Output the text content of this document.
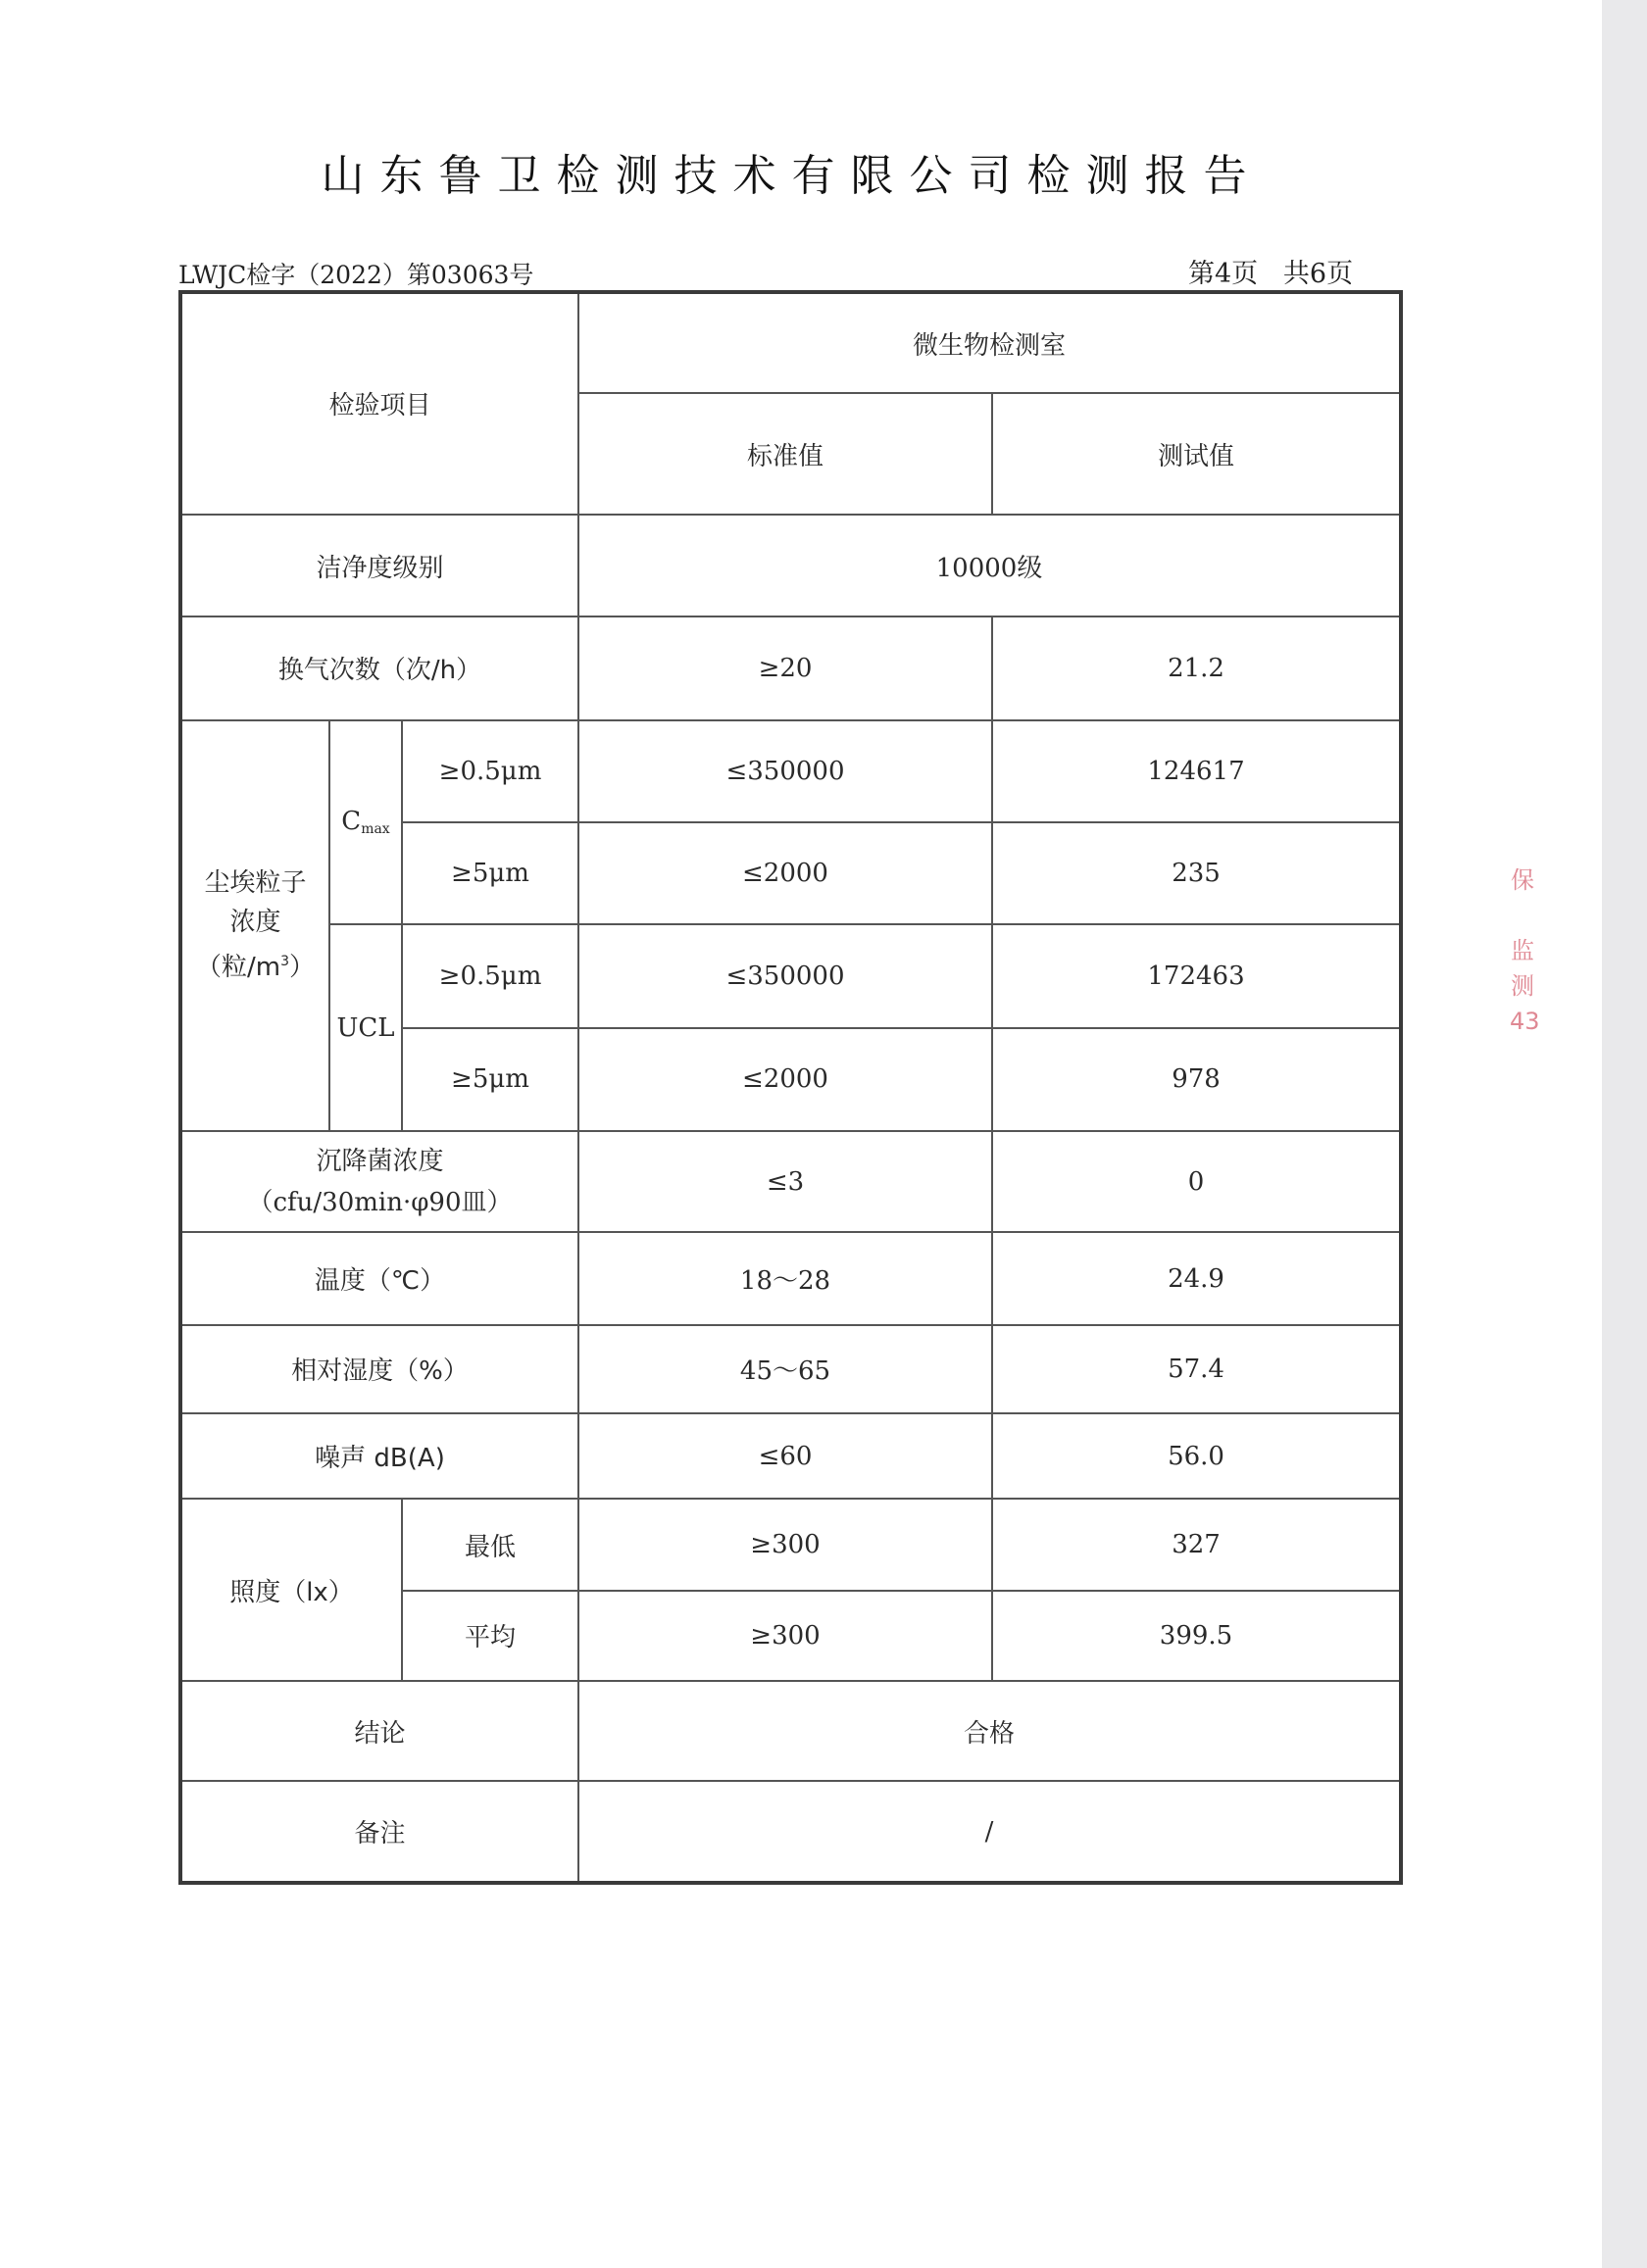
保

监
测
43
山东鲁卫检测技术有限公司检测报告
LWJC检字（2022）第03063号	第4页   共6页
检验项目			微生物检测室	
			标准值	测试值
洁净度级别			10000级	
换气次数（次/h）			≥20	21.2
尘埃粒子
浓度
（粒$/m^3$）	$C_{max}$	≥0.5μm	≤350000	124617
		≥5μm	≤2000	235
	UCL	≥0.5μm	≤350000	172463
		≥5μm	≤2000	978
沉降菌浓度
（cfu/30min·φ90皿）			≤3	0
温度（℃）			18～28	24.9
相对湿度（%）			45～65	57.4
噪声 dB(A)			≤60	56.0
照度（lx）		最低	≥300	327
		平均	≥300	399.5
结论			合格	
备注			/	
